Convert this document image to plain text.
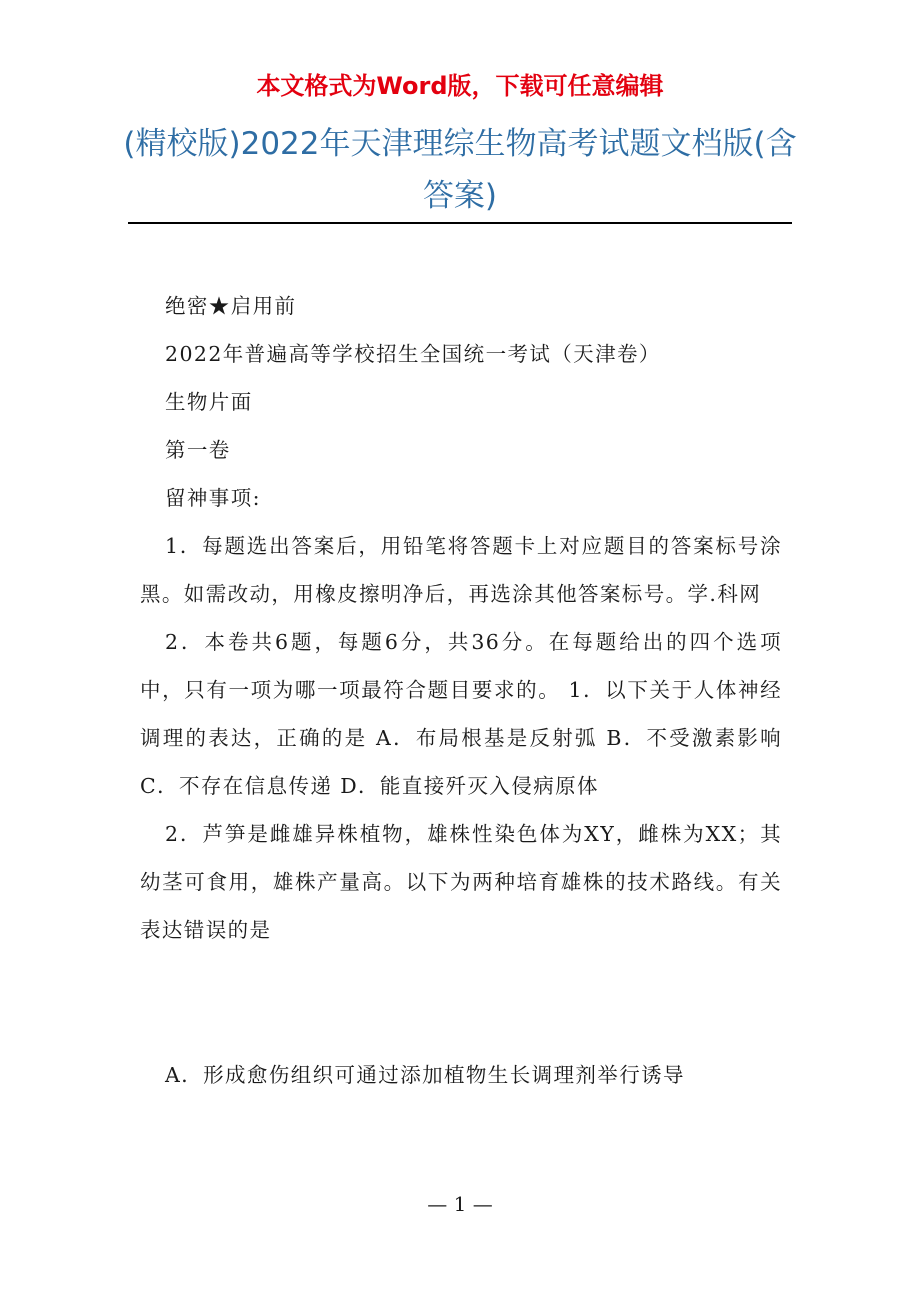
本文格式为Word版，下载可任意编辑
(精校版)2022年天津理综生物高考试题文档版(含答案)

绝密★启用前

2022年普遍高等学校招生全国统一考试（天津卷）

生物片面

第一卷

留神事项:

1．每题选出答案后，用铅笔将答题卡上对应题目的答案标号涂黑。如需改动，用橡皮擦明净后，再选涂其他答案标号。学.科网

2．本卷共6题，每题6分，共36分。在每题给出的四个选项中，只有一项为哪一项最符合题目要求的。 1．以下关于人体神经调理的表达，正确的是 A．布局根基是反射弧 B．不受激素影响 C．不存在信息传递 D．能直接歼灭入侵病原体

2．芦笋是雌雄异株植物，雄株性染色体为XY，雌株为XX；其幼茎可食用，雄株产量高。以下为两种培育雄株的技术路线。有关表达错误的是

A．形成愈伤组织可通过添加植物生长调理剂举行诱导

— 1 —
